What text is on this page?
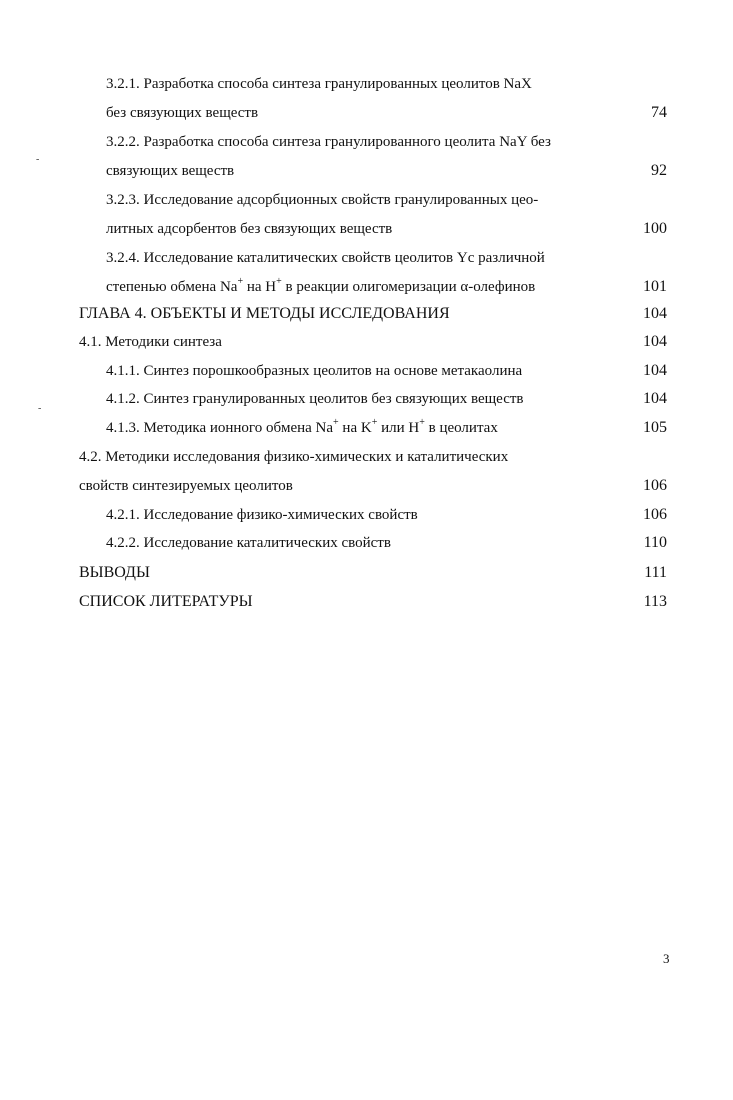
-
-
3.2.1. Разработка способа синтеза гранулированных цеолитов NaX
без связующих веществ	74
3.2.2. Разработка способа синтеза гранулированного цеолита NaY без
связующих веществ	92
3.2.3. Исследование адсорбционных свойств гранулированных цео-
литных адсорбентов без связующих веществ	100
3.2.4. Исследование каталитических свойств цеолитов Yc различной
степенью обмена Na+ на H+ в реакции олигомеризации α-олефинов	101
ГЛАВА 4. ОБЪЕКТЫ И МЕТОДЫ ИССЛЕДОВАНИЯ	104
4.1. Методики синтеза	104
4.1.1. Синтез порошкообразных цеолитов на основе метакаолина	104
4.1.2. Синтез гранулированных цеолитов без связующих веществ	104
4.1.3. Методика ионного обмена Na+ на K+ или H+ в цеолитах	105
4.2. Методики исследования физико-химических и каталитических
свойств синтезируемых цеолитов	106
4.2.1. Исследование физико-химических свойств	106
4.2.2. Исследование каталитических свойств	110
ВЫВОДЫ	111
СПИСОК ЛИТЕРАТУРЫ	113
3
